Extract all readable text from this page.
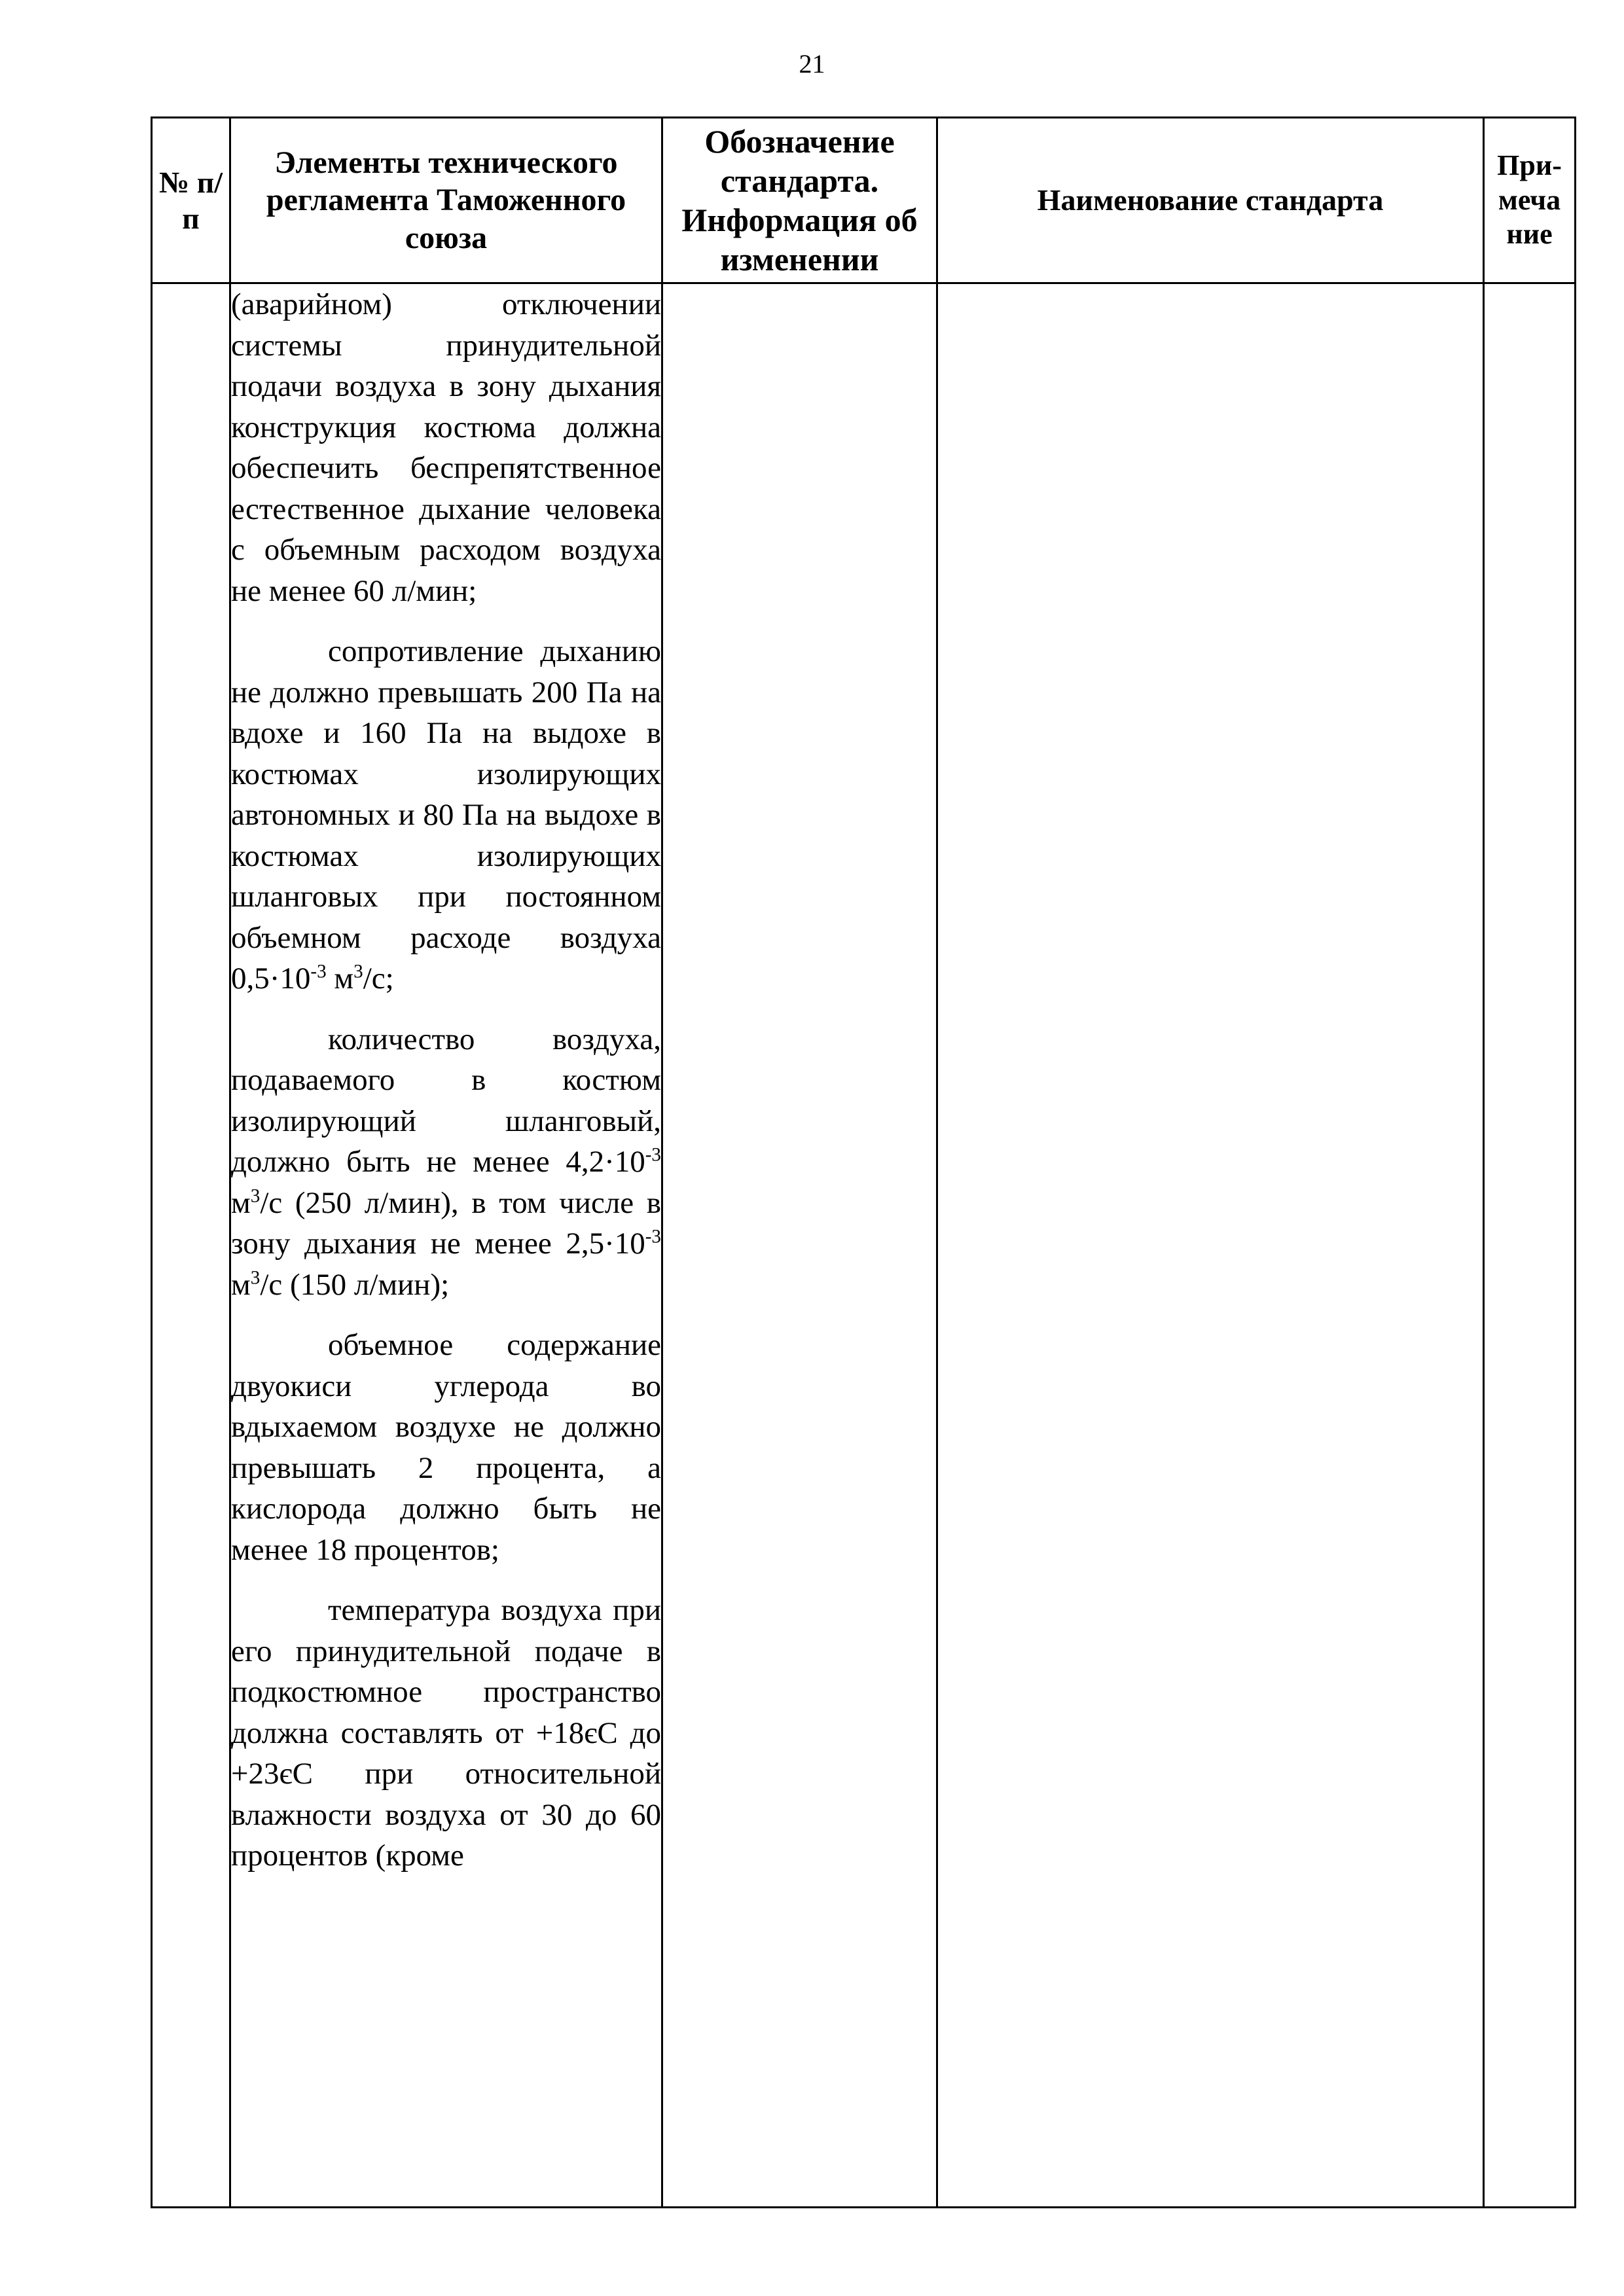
21
№ п/п	Элементы технического регламента Таможенного союза	Обозначение стандарта. Информация об изменении	Наименование стандарта	При-меча ние

	(аварийном) отключении системы принудительной подачи воздуха в зону дыхания конструкция костюма должна обеспечить беспрепятственное естественное дыхание человека с объемным расходом воздуха не менее 60 л/мин;
сопротивление дыханию не должно превышать 200 Па на вдохе и 160 Па на выдохе в костюмах изолирующих автономных и 80 Па на выдохе в костюмах изолирующих шланговых при постоянном объемном расходе воздуха $0,5\cdot 10^{-3}$ $м^3/с$;
количество воздуха, подаваемого в костюм изолирующий шланговый, должно быть не менее $4,2\cdot 10^{-3}$ $м^3/с$ (250 л/мин), в том числе в зону дыхания не менее $2,5\cdot 10^{-3}$ $м^3/с$ (150 л/мин);
объемное содержание двуокиси углерода во вдыхаемом воздухе не должно превышать 2 процента, а кислорода должно быть не менее 18 процентов;
температура воздуха при его принудительной подаче в подкостюмное пространство должна составлять от +18єС до +23єС при относительной влажности воздуха от 30 до 60 процентов (кроме			
